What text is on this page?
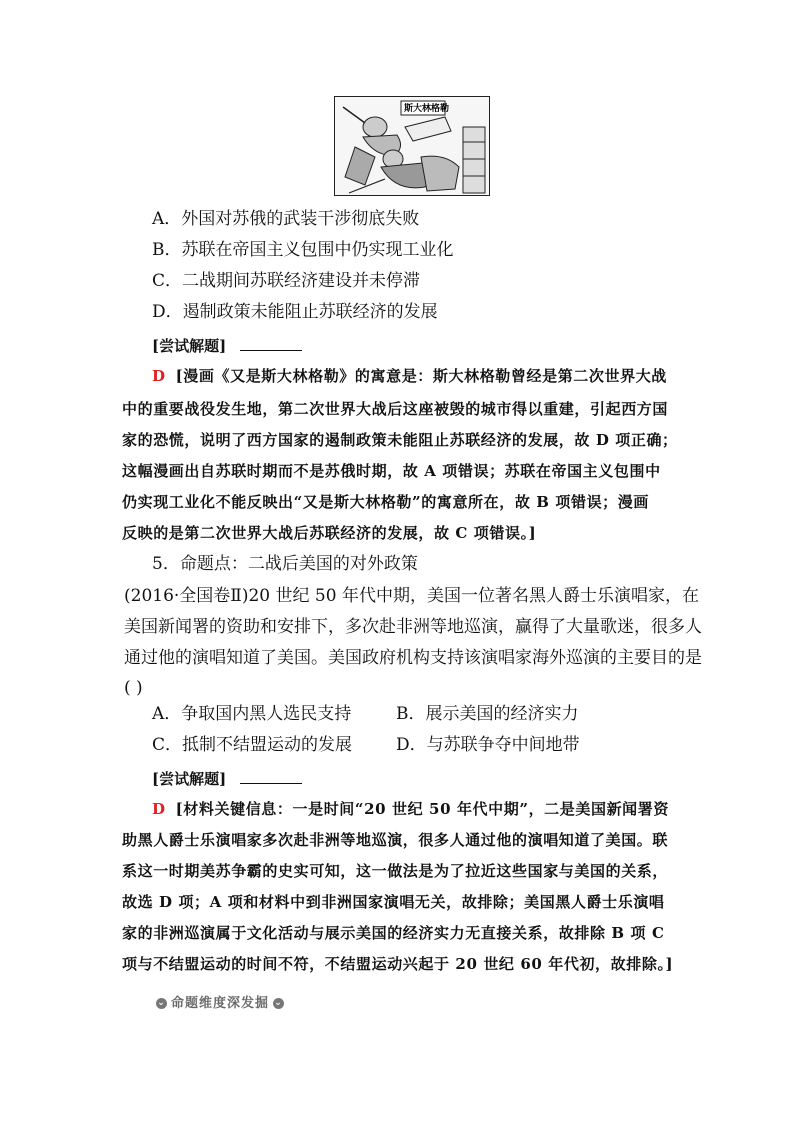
斯大林格勒
A．外国对苏俄的武装干涉彻底失败
B．苏联在帝国主义包围中仍实现工业化
C．二战期间苏联经济建设并未停滞
D．遏制政策未能阻止苏联经济的发展
[尝试解题]
D [漫画《又是斯大林格勒》的寓意是：斯大林格勒曾经是第二次世界大战
中的重要战役发生地，第二次世界大战后这座被毁的城市得以重建，引起西方国
家的恐慌，说明了西方国家的遏制政策未能阻止苏联经济的发展，故 D 项正确；
这幅漫画出自苏联时期而不是苏俄时期，故 A 项错误；苏联在帝国主义包围中
仍实现工业化不能反映出“又是斯大林格勒”的寓意所在，故 B 项错误；漫画
反映的是第二次世界大战后苏联经济的发展，故 C 项错误。]
5．命题点：二战后美国的对外政策
(2016·全国卷Ⅱ)20 世纪 50 年代中期，美国一位著名黑人爵士乐演唱家，在
美国新闻署的资助和安排下，多次赴非洲等地巡演，赢得了大量歌迷，很多人
通过他的演唱知道了美国。美国政府机构支持该演唱家海外巡演的主要目的是
( )
A．争取国内黑人选民支持	B．展示美国的经济实力
C．抵制不结盟运动的发展	D．与苏联争夺中间地带
[尝试解题]
D [材料关键信息：一是时间“20 世纪 50 年代中期”，二是美国新闻署资
助黑人爵士乐演唱家多次赴非洲等地巡演，很多人通过他的演唱知道了美国。联
系这一时期美苏争霸的史实可知，这一做法是为了拉近这些国家与美国的关系，
故选 D 项；A 项和材料中到非洲国家演唱无关，故排除；美国黑人爵士乐演唱
家的非洲巡演属于文化活动与展示美国的经济实力无直接关系，故排除 B 项 C
项与不结盟运动的时间不符，不结盟运动兴起于 20 世纪 60 年代初，故排除。]
⌄ 命题维度深发掘 ⌄
